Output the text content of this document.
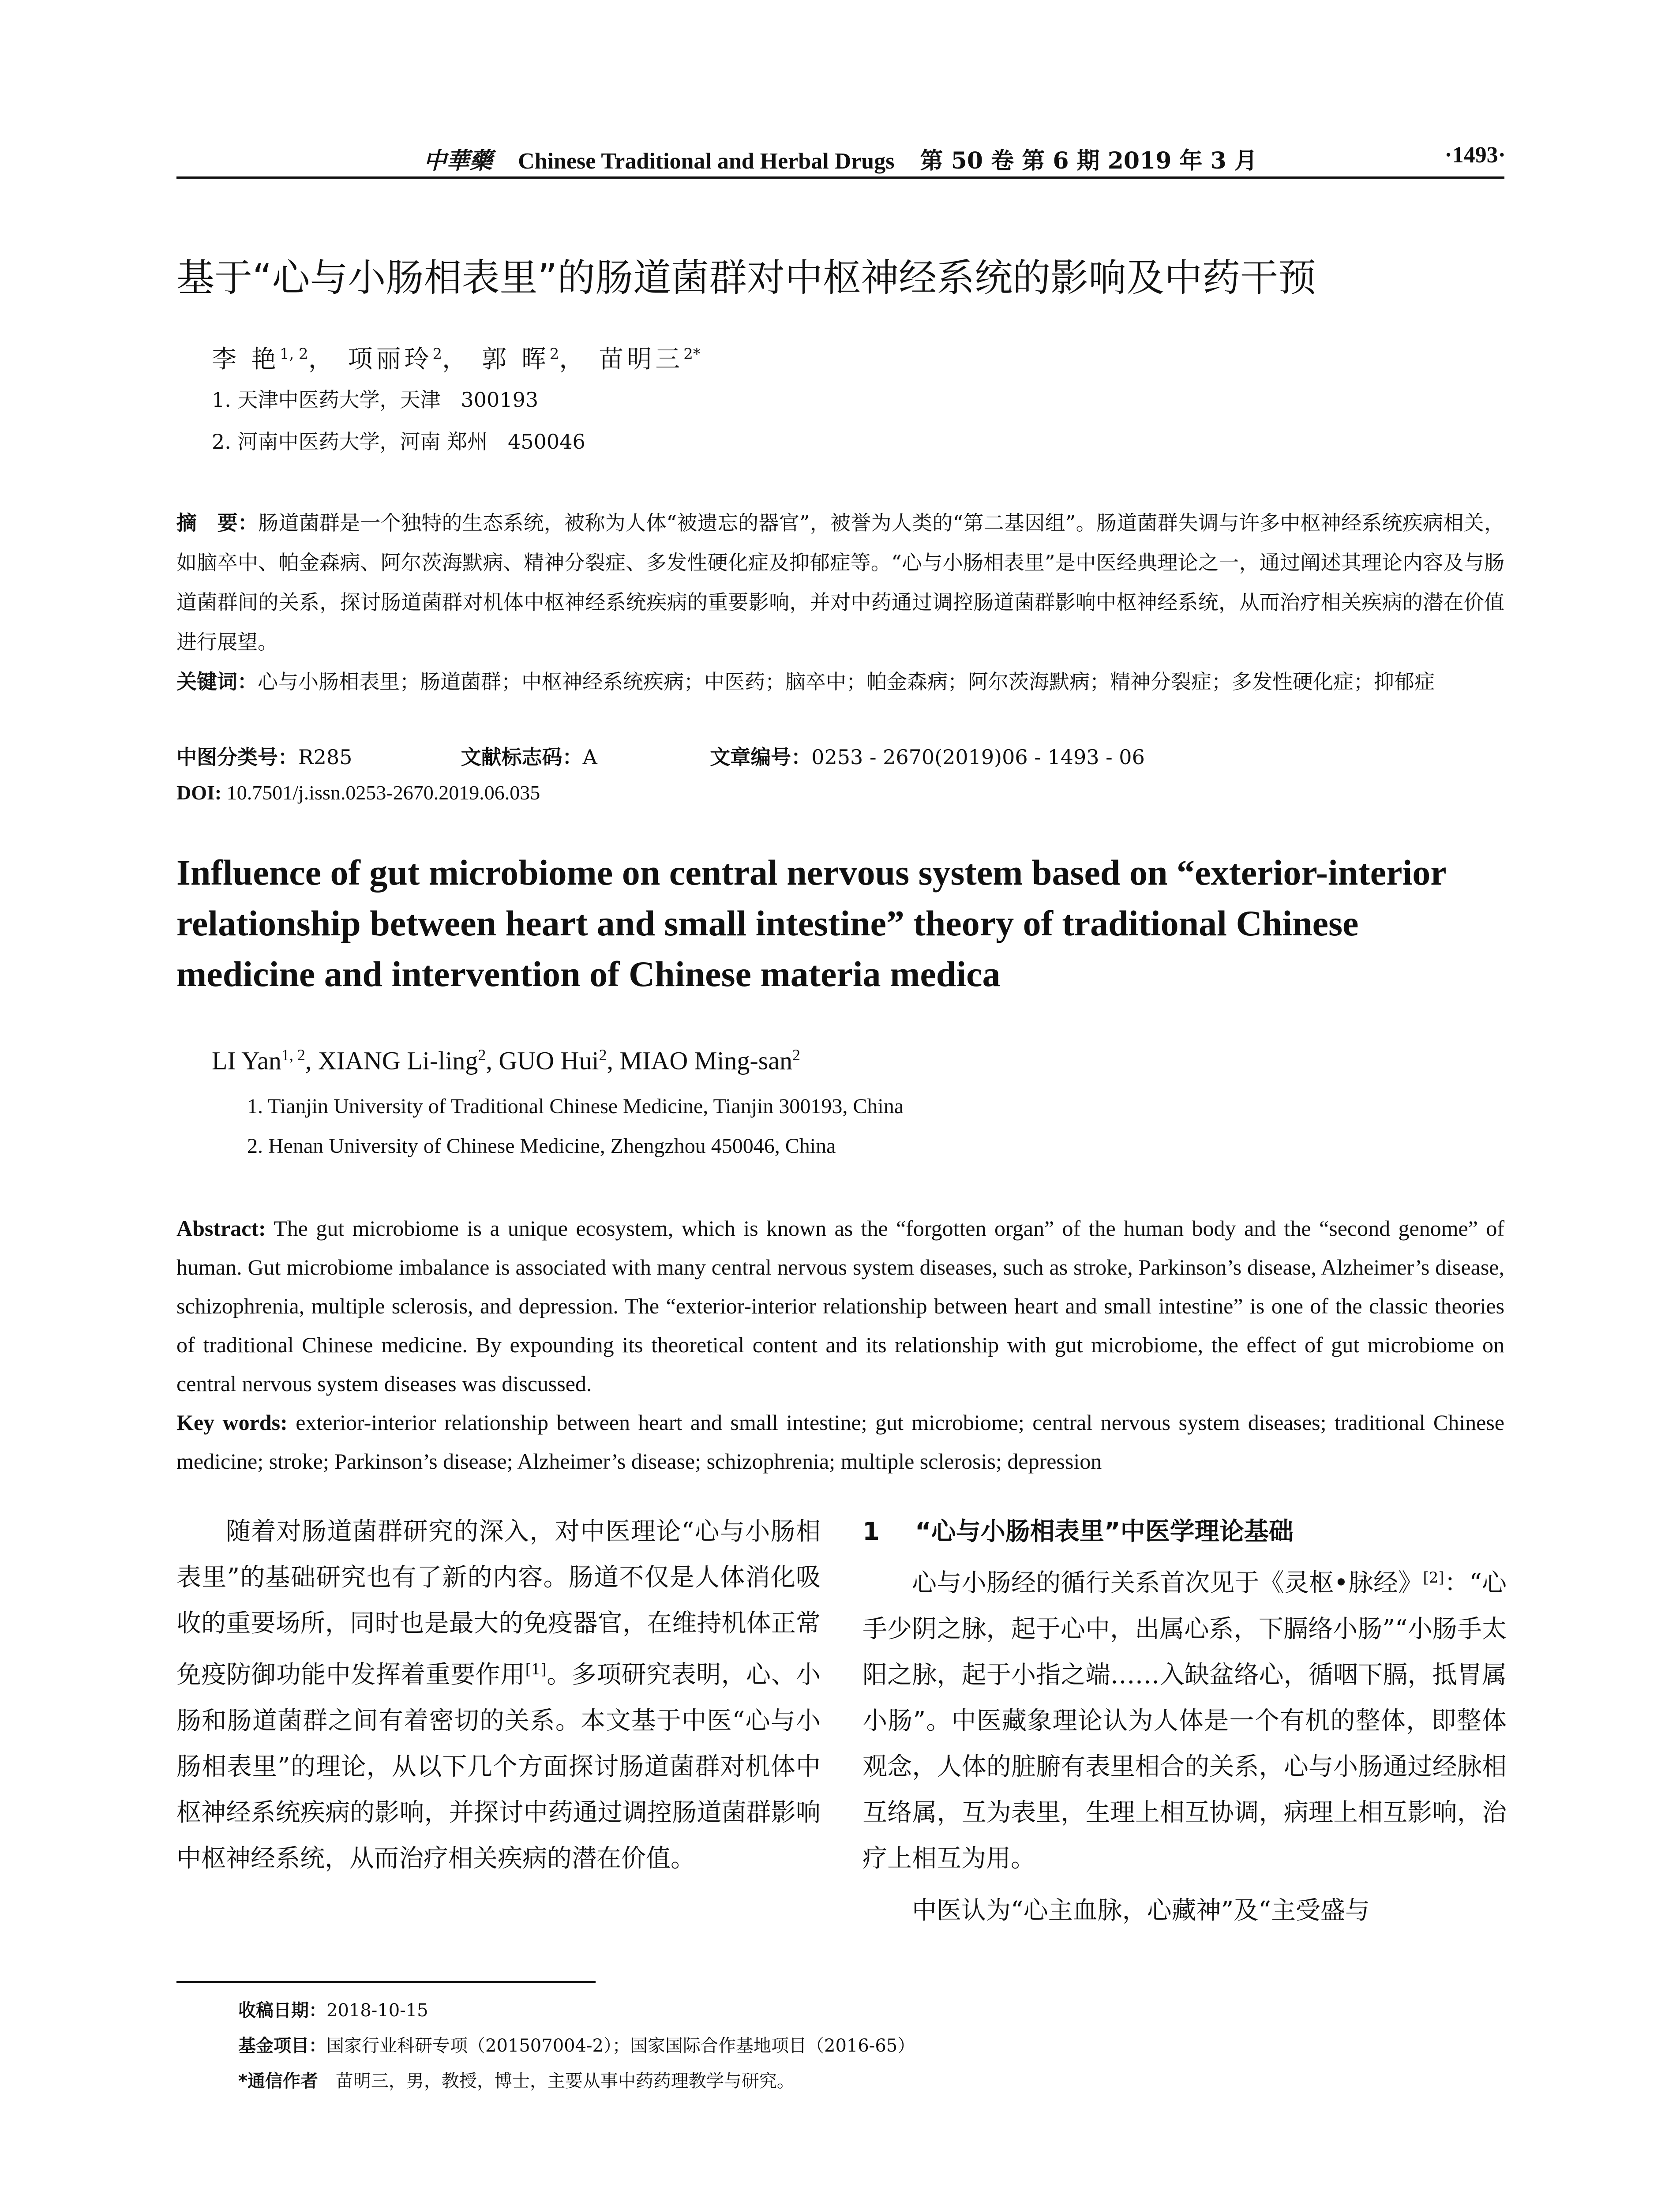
中華藥 Chinese Traditional and Herbal Drugs 第 50 卷 第 6 期 2019 年 3 月	·1493·
基于“心与小肠相表里”的肠道菌群对中枢神经系统的影响及中药干预
李 艳$^{1, 2}$， 项丽玲$^2$， 郭 晖$^2$， 苗明三$^{2*}$
1. 天津中医药大学，天津　300193
2. 河南中医药大学，河南 郑州　450046
摘　要：肠道菌群是一个独特的生态系统，被称为人体“被遗忘的器官”，被誉为人类的“第二基因组”。肠道菌群失调与许多中枢神经系统疾病相关，如脑卒中、帕金森病、阿尔茨海默病、精神分裂症、多发性硬化症及抑郁症等。“心与小肠相表里”是中医经典理论之一，通过阐述其理论内容及与肠道菌群间的关系，探讨肠道菌群对机体中枢神经系统疾病的重要影响，并对中药通过调控肠道菌群影响中枢神经系统，从而治疗相关疾病的潜在价值进行展望。
关键词：心与小肠相表里；肠道菌群；中枢神经系统疾病；中医药；脑卒中；帕金森病；阿尔茨海默病；精神分裂症；多发性硬化症；抑郁症
中图分类号：R285	文献标志码：A	文章编号：0253 - 2670(2019)06 - 1493 - 06
DOI: 10.7501/j.issn.0253-2670.2019.06.035
Influence of gut microbiome on central nervous system based on “exterior-interior relationship between heart and small intestine” theory of traditional Chinese medicine and intervention of Chinese materia medica
LI Yan$^{1, 2}$, XIANG Li-ling$^2$, GUO Hui$^2$, MIAO Ming-san$^2$
1. Tianjin University of Traditional Chinese Medicine, Tianjin 300193, China
2. Henan University of Chinese Medicine, Zhengzhou 450046, China
Abstract: The gut microbiome is a unique ecosystem, which is known as the “forgotten organ” of the human body and the “second genome” of human. Gut microbiome imbalance is associated with many central nervous system diseases, such as stroke, Parkinson’s disease, Alzheimer’s disease, schizophrenia, multiple sclerosis, and depression. The “exterior-interior relationship between heart and small intestine” is one of the classic theories of traditional Chinese medicine. By expounding its theoretical content and its relationship with gut microbiome, the effect of gut microbiome on central nervous system diseases was discussed.
Key words: exterior-interior relationship between heart and small intestine; gut microbiome; central nervous system diseases; traditional Chinese medicine; stroke; Parkinson’s disease; Alzheimer’s disease; schizophrenia; multiple sclerosis; depression

随着对肠道菌群研究的深入，对中医理论“心与小肠相表里”的基础研究也有了新的内容。肠道不仅是人体消化吸收的重要场所，同时也是最大的免疫器官，在维持机体正常免疫防御功能中发挥着重要作用[1]。多项研究表明，心、小肠和肠道菌群之间有着密切的关系。本文基于中医“心与小肠相表里”的理论，从以下几个方面探讨肠道菌群对机体中枢神经系统疾病的影响，并探讨中药通过调控肠道菌群影响中枢神经系统，从而治疗相关疾病的潜在价值。

1 “心与小肠相表里”中医学理论基础

心与小肠经的循行关系首次见于《灵枢•脉经》[2]：“心手少阴之脉，起于心中，出属心系，下膈络小肠”“小肠手太阳之脉，起于小指之端……入缺盆络心，循咽下膈，抵胃属小肠”。中医藏象理论认为人体是一个有机的整体，即整体观念，人体的脏腑有表里相合的关系，心与小肠通过经脉相互络属，互为表里，生理上相互协调，病理上相互影响，治疗上相互为用。

中医认为“心主血脉，心藏神”及“主受盛与

收稿日期：2018-10-15
基金项目：国家行业科研专项（201507004-2）；国家国际合作基地项目（2016-65）
*通信作者　苗明三，男，教授，博士，主要从事中药药理教学与研究。
